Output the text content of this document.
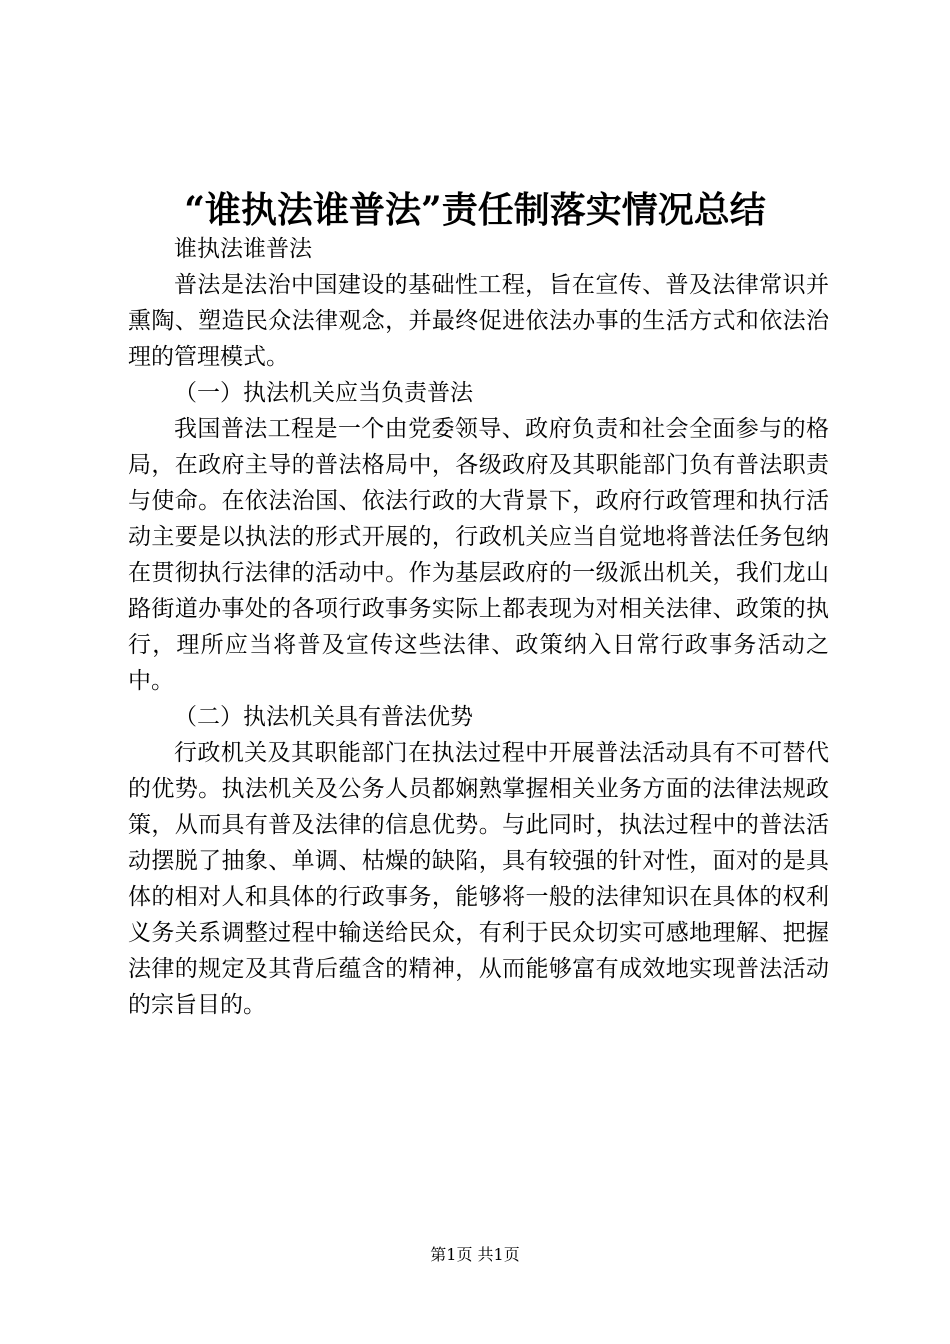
“谁执法谁普法”责任制落实情况总结

谁执法谁普法

普法是法治中国建设的基础性工程，旨在宣传、普及法律常识并熏陶、塑造民众法律观念，并最终促进依法办事的生活方式和依法治理的管理模式。

（一）执法机关应当负责普法

我国普法工程是一个由党委领导、政府负责和社会全面参与的格局，在政府主导的普法格局中，各级政府及其职能部门负有普法职责与使命。在依法治国、依法行政的大背景下，政府行政管理和执行活动主要是以执法的形式开展的，行政机关应当自觉地将普法任务包纳在贯彻执行法律的活动中。作为基层政府的一级派出机关，我们龙山路街道办事处的各项行政事务实际上都表现为对相关法律、政策的执行，理所应当将普及宣传这些法律、政策纳入日常行政事务活动之中。

（二）执法机关具有普法优势

行政机关及其职能部门在执法过程中开展普法活动具有不可替代的优势。执法机关及公务人员都娴熟掌握相关业务方面的法律法规政策，从而具有普及法律的信息优势。与此同时，执法过程中的普法活动摆脱了抽象、单调、枯燥的缺陷，具有较强的针对性，面对的是具体的相对人和具体的行政事务，能够将一般的法律知识在具体的权利义务关系调整过程中输送给民众，有利于民众切实可感地理解、把握法律的规定及其背后蕴含的精神，从而能够富有成效地实现普法活动的宗旨目的。

第1页 共1页
